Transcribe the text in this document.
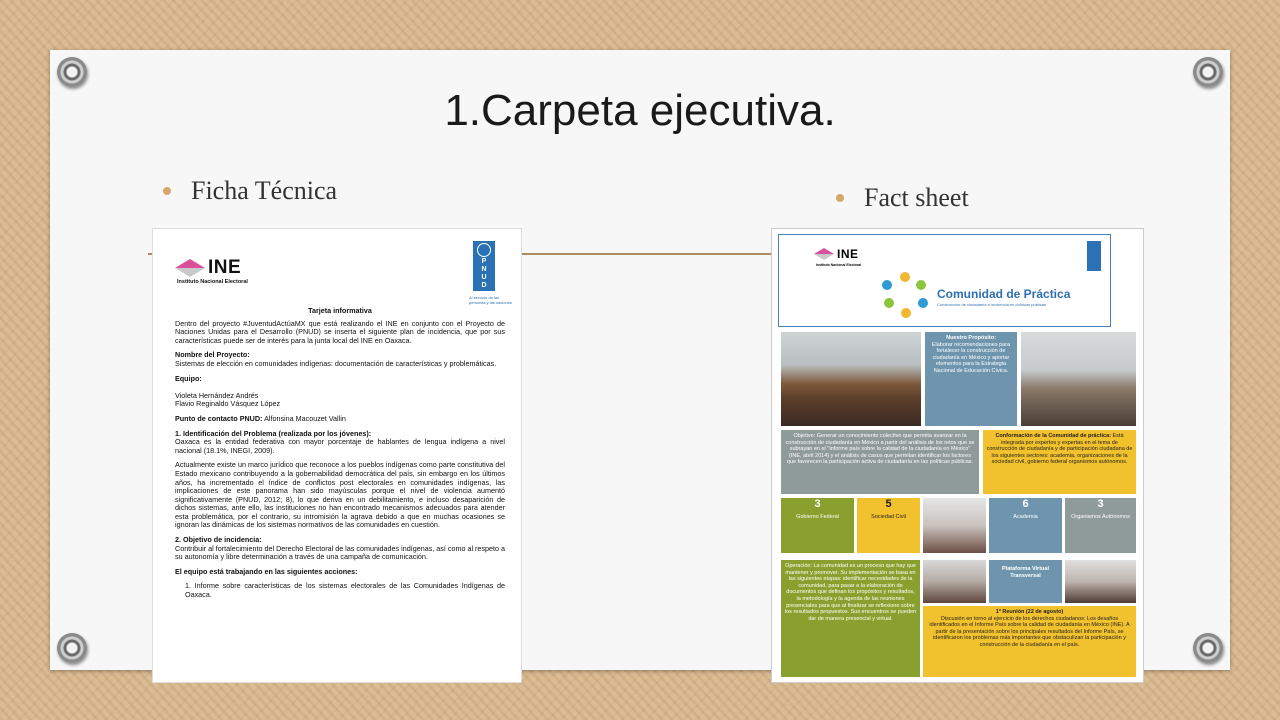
1.Carpeta ejecutiva.
Ficha Técnica	Fact sheet
INE
Instituto Nacional Electoral
P
N
U
D
Al servicio de las personas y las naciones

Tarjeta informativa

Dentro del proyecto #JuventudActúaMX que está realizando el INE en conjunto con el Proyecto de Naciones Unidas para el Desarrollo (PNUD) se inserta el siguiente plan de incidencia, que por sus características puede ser de interés para la junta local del INE en Oaxaca.

Nombre del Proyecto:
Sistemas de elección en comunidades indígenas: documentación de características y problemáticas.

Equipo:

Violeta Hernández Andrés
Flavio Reginaldo Vásquez López

Punto de contacto PNUD: Alfonsina Macouzet Vallin

1. Identificación del Problema (realizada por los jóvenes):
Oaxaca es la entidad federativa con mayor porcentaje de hablantes de lengua indígena a nivel nacional (18.1%, INEGI, 2009).

Actualmente existe un marco jurídico que reconoce a los pueblos indígenas como parte constitutiva del Estado mexicano contribuyendo a la gobernabilidad democrática del país, sin embargo en los últimos años, ha incrementado el índice de conflictos post electorales en comunidades indígenas, las implicaciones de este panorama han sido mayúsculas porque el nivel de violencia aumentó significativamente (PNUD, 2012; 8), lo que deriva en un debilitamiento, e incluso desaparición de dichos sistemas, ante ello, las instituciones no han encontrado mecanismos adecuados para atender esta problemática, por el contrario, su intromisión la agrava debido a que en muchas ocasiones se ignoran las dinámicas de los sistemas normativos de las comunidades en cuestión.

2. Objetivo de incidencia:
Contribuir al fortalecimiento del Derecho Electoral de las comunidades indígenas, así como al respeto a su autonomía y libre determinación a través de una campaña de comunicación.

El equipo está trabajando en las siguientes acciones:

1. Informe sobre características de los sistemas electorales de las Comunidades Indígenas de Oaxaca.

INE
Instituto Nacional Electoral
Comunidad de Práctica
Construcción de ciudadanía e incidencia en políticas públicas
Nuestro Propósito:
Elaborar recomendaciones para fortalecer la construcción de ciudadanía en México y aportar elementos para la Estrategia Nacional de Educación Cívica.
Objetivo: Generar un conocimiento colectivo que permita avanzar en la construcción de ciudadanía en México a partir del análisis de los retos que se subrayan en el "Informe país sobre la calidad de la ciudadanía en México" (INE, abril 2014) y el análisis de casos que permitan identificar los factores que favorecen la participación activa de ciudadanía en las políticas públicas.
Conformación de la Comunidad de práctica: Está integrada por expertos y expertas en el tema de construcción de ciudadanía y de participación ciudadana de los siguientes sectores: academia, organizaciones de la sociedad civil, gobierno federal organismos autónomos.
3
Gobierno Federal
5
Sociedad Civil
6
Academia
3
Organismos Autónomos
Operación: La comunidad es un proceso que hay que mantener y promover. Su implementación se basa en las siguientes etapas: identificar necesidades de la comunidad, para pasar a la elaboración de documentos que definan los propósitos y resultados, la metodología y la agenda de las reuniones presenciales para que al finalizar se reflexione sobre los resultados propuestos. Sus encuentros se pueden dar de manera presencial y virtual.
Plataforma Virtual Transversal
1ª Reunión (22 de agosto)
Discusión en torno al ejercicio de los derechos ciudadanos: Los desafíos identificados en el Informe País sobre la calidad de ciudadanía en México (INE). A partir de la presentación sobre los principales resultados del Informe País, se identificaron los problemas más importantes que obstaculizan la participación y construcción de la ciudadanía en el país.
